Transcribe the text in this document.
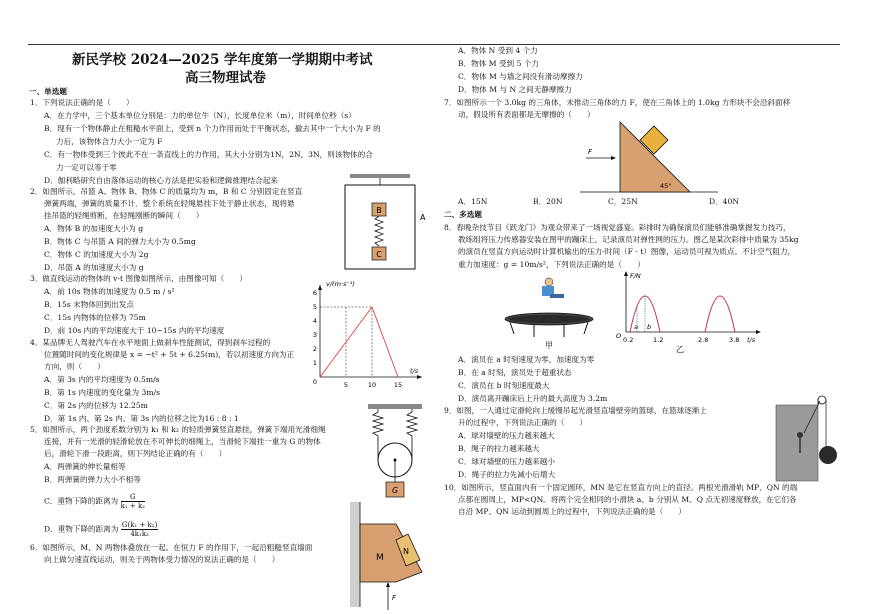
新民学校 2024—2025 学年度第一学期期中考试
高三物理试卷
一、单选题
1．下列说法正确的是（　　）
A．在力学中，三个基本单位分别是：力的单位牛（N），长度单位米（m），时间单位秒（s）
B．现有一个物体静止在粗糙水平面上，受到 n 个力作用而处于平衡状态，撤去其中一个大小为 F 的
力后，该物体合力大小一定为 F
C．有一物体受到三个彼此不在一条直线上的力作用，其大小分别为1N，2N，3N，则该物体的合
力一定可以等于零
D．伽利略研究自由落体运动的核心方法是把实验和逻辑推理结合起来
2．如图所示，吊篮 A、物体 B、物体 C 的质量均为 m，B 和 C 分别固定在竖直
弹簧两端，弹簧的质量不计．整个系统在轻绳悬挂下处于静止状态，现将悬
挂吊篮的轻绳剪断，在轻绳刚断的瞬间（　　）
A．物体 B 的加速度大小为 g
B．物体 C 与吊篮 A 间的弹力大小为 0.5mg
C．物体 C 的加速度大小为 2g
D．吊篮 A 的加速度大小为 g
3．做直线运动的物体的 v-t 图像如图所示，由图像可知（　　）
A．前 10s 物体的加速度为 0.5 m / s²
B．15s 末物体回到出发点
C．15s 内物体的位移为 75m
D．前 10s 内的平均速度大于 10~15s 内的平均速度
4．某品牌无人驾驶汽车在水平地面上做刹车性能测试，得到刹车过程的
位置随时间的变化规律是 x = −t² + 5t + 6.25(m)，若以初速度方向为正
方向，则（　　）
A．第 3s 内的平均速度为 0.5m/s
B．第 1s 内速度的变化量为 3m/s
C．第 2s 内的位移为 12.25m
D．第 1s 内、第 2s 内、第 3s 内的位移之比为16 : 8 : 1
5．如图所示，两个劲度系数分别为 k₁ 和 k₂ 的轻质弹簧竖直悬挂，弹簧下端用光滑细绳
连接，并有一光滑的轻滑轮放在不可伸长的细绳上，当滑轮下端挂一重为 G 的物体
后，滑轮下滑一段距离，则下列结论正确的有（　　）
A．两弹簧的伸长量相等
B．两弹簧的弹力大小不相等
C．重物下降的距离为 $\frac{G}{\text{k₁ + k₂}}$
D．重物下降的距离为 $\frac{\text{G(k₁ + k₂)}}{\text{4k₁k₂}}$
6．如图所示，M、N 两物体叠放在一起。在恒力 F 的作用下，一起沿粗糙竖直墙面
向上做匀速直线运动，则关于两物体受力情况的说法正确的是（　　）
B
C
A
6
5
4
3
2
1
0	5	10	15
v/(m·s⁻¹)
t/s
G
M
N
F
A．物体 N 受到 4 个力
B．物体 M 受到 5 个力
C．物体 M 与墙之间没有滑动摩擦力
D．物体 M 与 N 之间无静摩擦力
7．如图所示一个 3.0kg 的三角体，未推动三角体的力 F，使在三角体上的 1.0kg 方形块不会沿斜面移
动，假设所有表面都是无摩擦的（　　）
F
45°
A．15N	B．20N	C．25N	D．40N
二、多选题
8．春晚杂技节目《跃龙门》为观众带来了一场视觉盛宴。彩排时为确保演员们能够准确掌握发力技巧，
教练组将压力传感器安装在图甲的蹦床上，记录演员对弹性网的压力。图乙是某次彩排中质量为 35kg
的演员在竖直方向运动时计算机输出的压力-时间（F - t）图像，运动员可视为质点。不计空气阻力，
重力加速度：g = 10m/s²，下列说法正确的是（　　）
甲
F/N
t/s
O
a b
0.2	1.2	2.8	3.8
乙
A．演员在 a 时刻速度为零，加速度为零
B．在 a 时刻，演员处于超重状态
C．演员在 b 时刻速度最大
D．演员离开蹦床后上升的最大高度为 3.2m
9．如图，一人通过定滑轮向上缓慢吊起光滑竖直墙壁旁的篮球，在篮球逐渐上
升的过程中，下列说法正确的（　　）
A．球对墙壁的压力越来越大
B．绳子的拉力越来越大
C．球对墙壁的压力越来越小
D．绳子的拉力先减小后增大
10．如图所示，竖直面内有一个固定圆环，MN 是它在竖直方向上的直径。两根光滑滑轨 MP、QN 的端
点都在圆周上，MP<QN。将两个完全相同的小滑块 a、b 分别从 M、Q 点无初速度释放，在它们各
自沿 MP、QN 运动到圆周上的过程中，下列说法正确的是（　　）
